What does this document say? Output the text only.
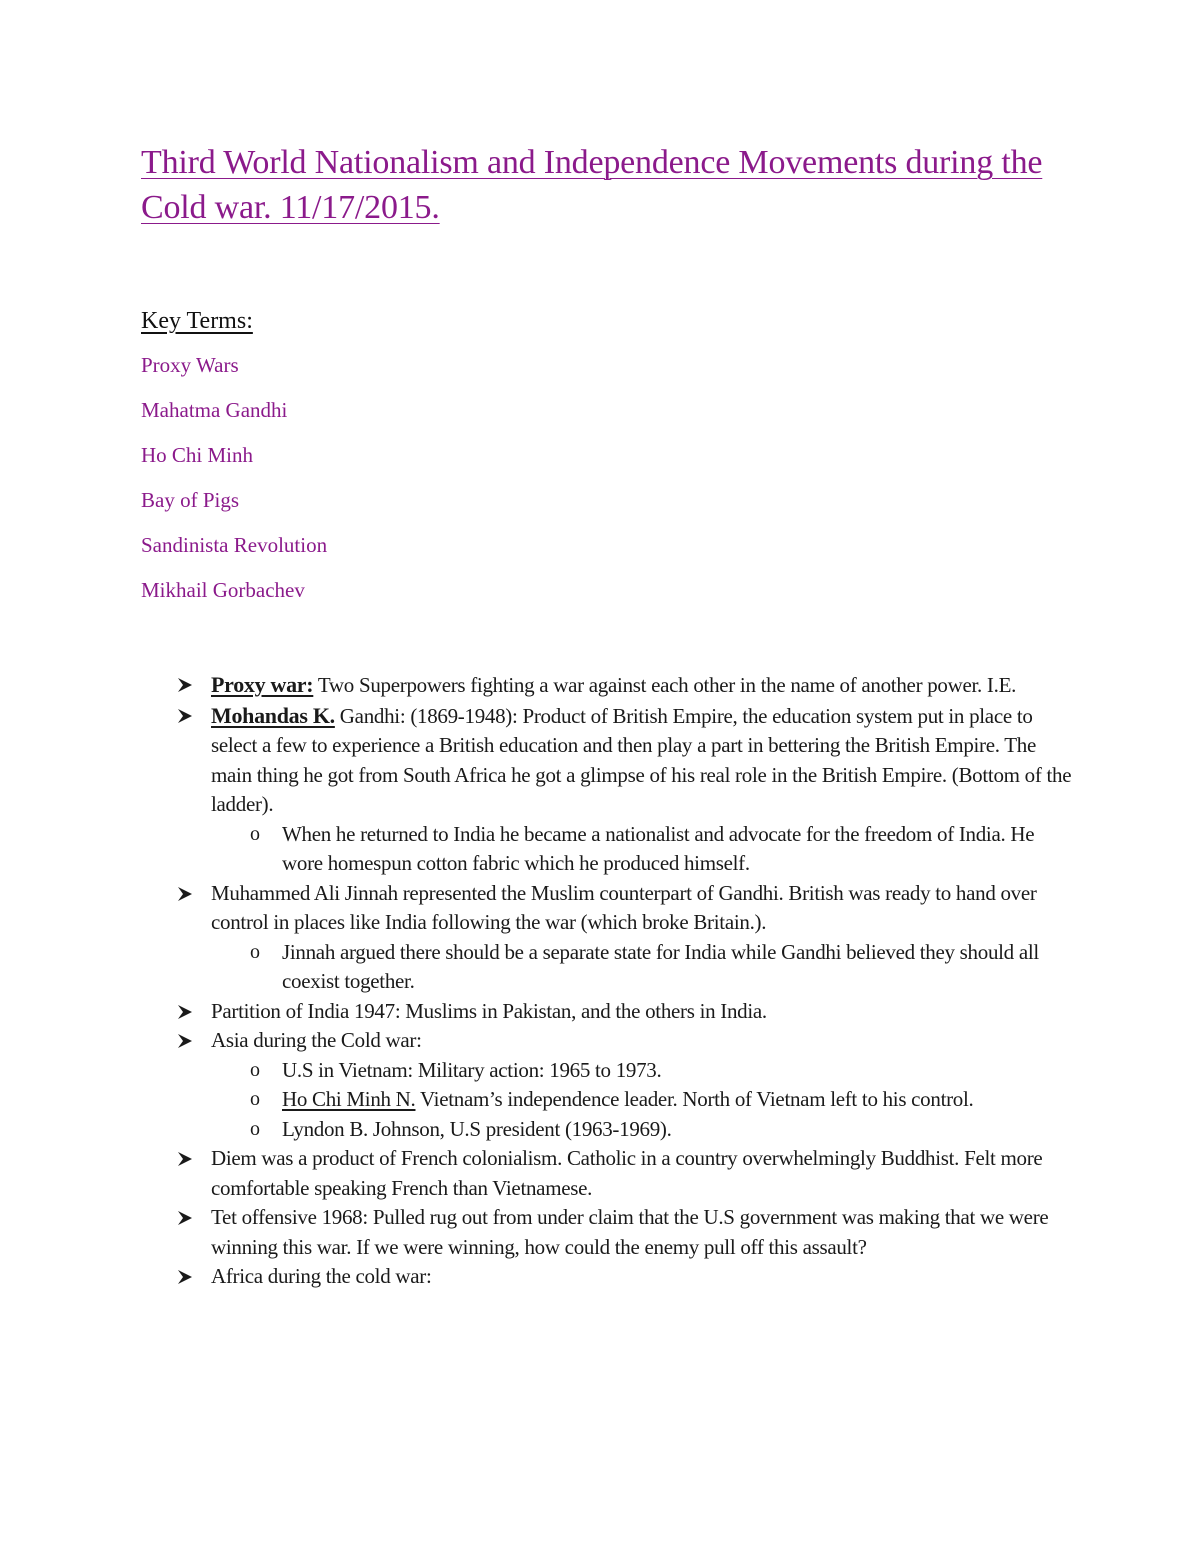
Third World Nationalism and Independence Movements during the Cold war. 11/17/2015.
Key Terms:
Proxy Wars
Mahatma Gandhi
Ho Chi Minh
Bay of Pigs
Sandinista Revolution
Mikhail Gorbachev
Proxy war: Two Superpowers fighting a war against each other in the name of another power. I.E.
Mohandas K. Gandhi: (1869-1948): Product of British Empire, the education system put in place to select a few to experience a British education and then play a part in bettering the British Empire. The main thing he got from South Africa he got a glimpse of his real role in the British Empire. (Bottom of the ladder).
o When he returned to India he became a nationalist and advocate for the freedom of India. He wore homespun cotton fabric which he produced himself.
Muhammed Ali Jinnah represented the Muslim counterpart of Gandhi. British was ready to hand over control in places like India following the war (which broke Britain.).
o Jinnah argued there should be a separate state for India while Gandhi believed they should all coexist together.
Partition of India 1947: Muslims in Pakistan, and the others in India.
Asia during the Cold war:
o U.S in Vietnam: Military action: 1965 to 1973.
o Ho Chi Minh N. Vietnam’s independence leader. North of Vietnam left to his control.
o Lyndon B. Johnson, U.S president (1963-1969).
Diem was a product of French colonialism. Catholic in a country overwhelmingly Buddhist. Felt more comfortable speaking French than Vietnamese.
Tet offensive 1968: Pulled rug out from under claim that the U.S government was making that we were winning this war. If we were winning, how could the enemy pull off this assault?
Africa during the cold war:
